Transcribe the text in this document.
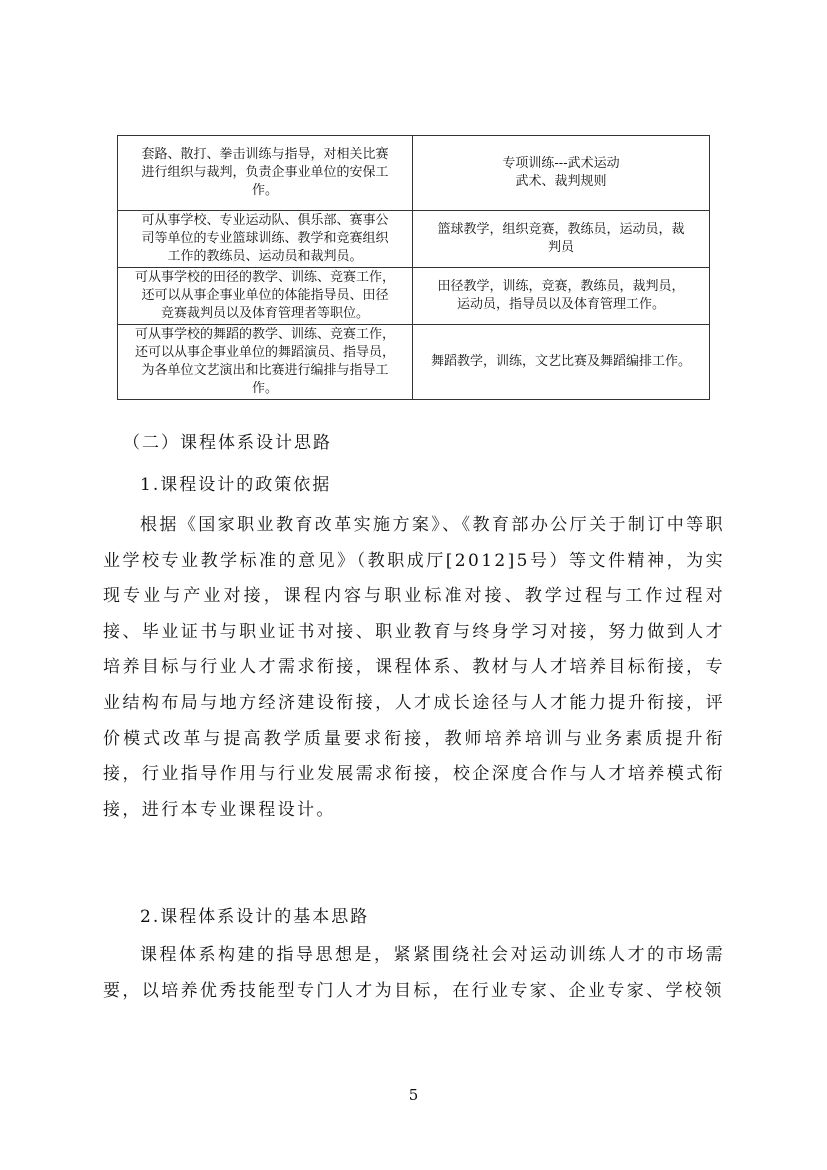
套路、散打、拳击训练与指导，对相关比赛
进行组织与裁判，负责企事业单位的安保工
作。	专项训练---武术运动
武术、裁判规则

可从事学校、专业运动队、俱乐部、赛事公
司等单位的专业篮球训练、教学和竞赛组织
工作的教练员、运动员和裁判员。	篮球教学，组织竞赛，教练员，运动员，裁
判员

可从事学校的田径的教学、训练、竞赛工作，
还可以从事企事业单位的体能指导员、田径
竞赛裁判员以及体育管理者等职位。	田径教学，训练，竞赛，教练员，裁判员，
运动员，指导员以及体育管理工作。

可从事学校的舞蹈的教学、训练、竞赛工作，
还可以从事企事业单位的舞蹈演员、指导员，
为各单位文艺演出和比赛进行编排与指导工
作。	舞蹈教学，训练，文艺比赛及舞蹈编排工作。
（二）课程体系设计思路
1.课程设计的政策依据

根据《国家职业教育改革实施方案》、《教育部办公厅关于制订中等职业学校专业教学标准的意见》（教职成厅[2012]5号）等文件精神，为实现专业与产业对接，课程内容与职业标准对接、教学过程与工作过程对接、毕业证书与职业证书对接、职业教育与终身学习对接，努力做到人才培养目标与行业人才需求衔接，课程体系、教材与人才培养目标衔接，专业结构布局与地方经济建设衔接，人才成长途径与人才能力提升衔接，评价模式改革与提高教学质量要求衔接，教师培养培训与业务素质提升衔接，行业指导作用与行业发展需求衔接，校企深度合作与人才培养模式衔接，进行本专业课程设计。

2.课程体系设计的基本思路

课程体系构建的指导思想是，紧紧围绕社会对运动训练人才的市场需要，以培养优秀技能型专门人才为目标，在行业专家、企业专家、学校领

5
